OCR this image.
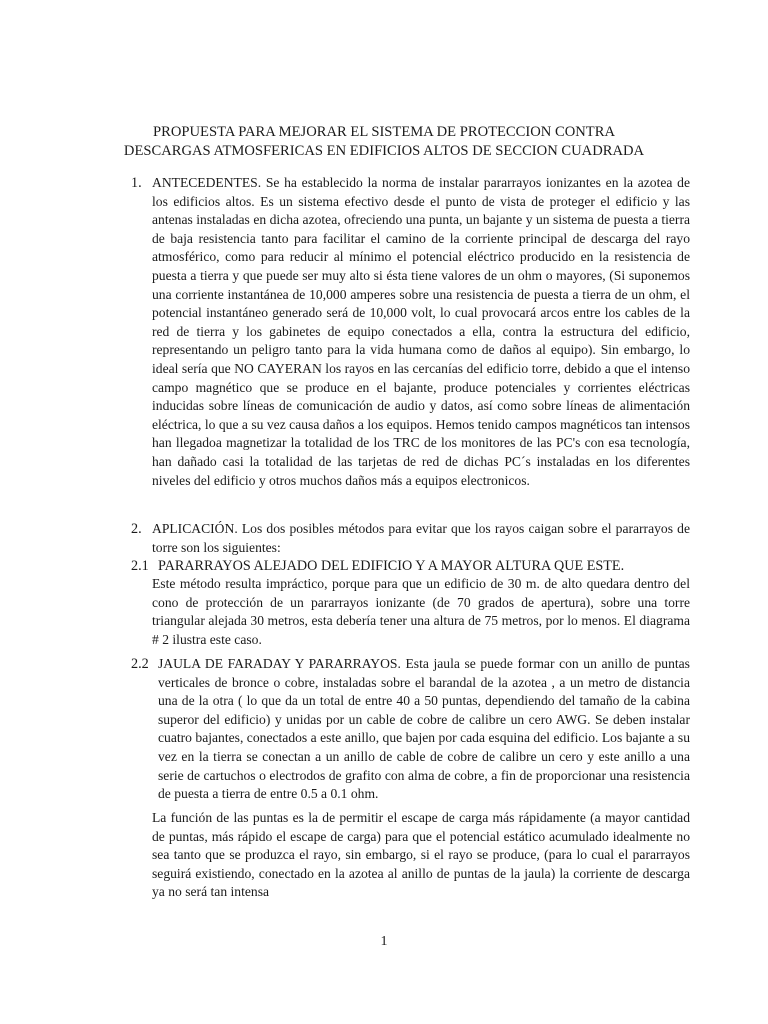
PROPUESTA PARA MEJORAR EL SISTEMA DE PROTECCION CONTRA
DESCARGAS ATMOSFERICAS EN EDIFICIOS ALTOS DE SECCION CUADRADA
1. ANTECEDENTES. Se ha establecido la norma de instalar pararrayos ionizantes en la azotea de los edificios altos. Es un sistema efectivo desde el punto de vista de proteger el edificio y las antenas instaladas en dicha azotea, ofreciendo una punta, un bajante y un sistema de puesta a tierra de baja resistencia tanto para facilitar el camino de la corriente principal de descarga del rayo atmosférico, como para reducir al mínimo el potencial eléctrico producido en la resistencia de puesta a tierra y que puede ser muy alto si ésta tiene valores de un ohm o mayores, (Si suponemos una corriente instantánea de 10,000 amperes sobre una resistencia de puesta a tierra de un ohm, el potencial instantáneo generado será de 10,000 volt, lo cual provocará arcos entre los cables de la red de tierra y los gabinetes de equipo conectados a ella, contra la estructura del edificio, representando un peligro tanto para la vida humana como de daños al equipo). Sin embargo, lo ideal sería que NO CAYERAN los rayos en las cercanías del edificio torre, debido a que el intenso campo magnético que se produce en el bajante, produce potenciales y corrientes eléctricas inducidas sobre líneas de comunicación de audio y datos, así como sobre líneas de alimentación eléctrica, lo que a su vez causa daños a los equipos. Hemos tenido campos magnéticos tan intensos han llegadoa magnetizar la totalidad de los TRC de los monitores de las PC's con esa tecnología, han dañado casi la totalidad de las tarjetas de red de dichas PC´s instaladas en los diferentes niveles del edificio y otros muchos daños más a equipos electronicos.
2. APLICACIÓN. Los dos posibles métodos para evitar que los rayos caigan sobre el pararrayos de torre son los siguientes:
2.1 PARARRAYOS ALEJADO DEL EDIFICIO Y A MAYOR ALTURA QUE ESTE.
Este método resulta impráctico, porque para que un edificio de 30 m. de alto quedara dentro del cono de protección de un pararrayos ionizante (de 70 grados de apertura), sobre una torre triangular alejada 30 metros, esta debería tener una altura de 75 metros, por lo menos. El diagrama # 2 ilustra este caso.
2.2 JAULA DE FARADAY Y PARARRAYOS. Esta jaula se puede formar con un anillo de puntas verticales de bronce o cobre, instaladas sobre el barandal de la azotea , a un metro de distancia una de la otra ( lo que da un total de entre 40 a 50 puntas, dependiendo del tamaño de la cabina superor del edificio) y unidas por un cable de cobre de calibre un cero AWG. Se deben instalar cuatro bajantes, conectados a este anillo, que bajen por cada esquina del edificio. Los bajante a su vez en la tierra se conectan a un anillo de cable de cobre de calibre un cero y este anillo a una serie de cartuchos o electrodos de grafito con alma de cobre, a fin de proporcionar una resistencia de puesta a tierra de entre 0.5 a 0.1 ohm.
La función de las puntas es la de permitir el escape de carga más rápidamente (a mayor cantidad de puntas, más rápido el escape de carga) para que el potencial estático acumulado idealmente no sea tanto que se produzca el rayo, sin embargo, si el rayo se produce, (para lo cual el pararrayos seguirá existiendo, conectado en la azotea al anillo de puntas de la jaula) la corriente de descarga ya no será tan intensa
1
